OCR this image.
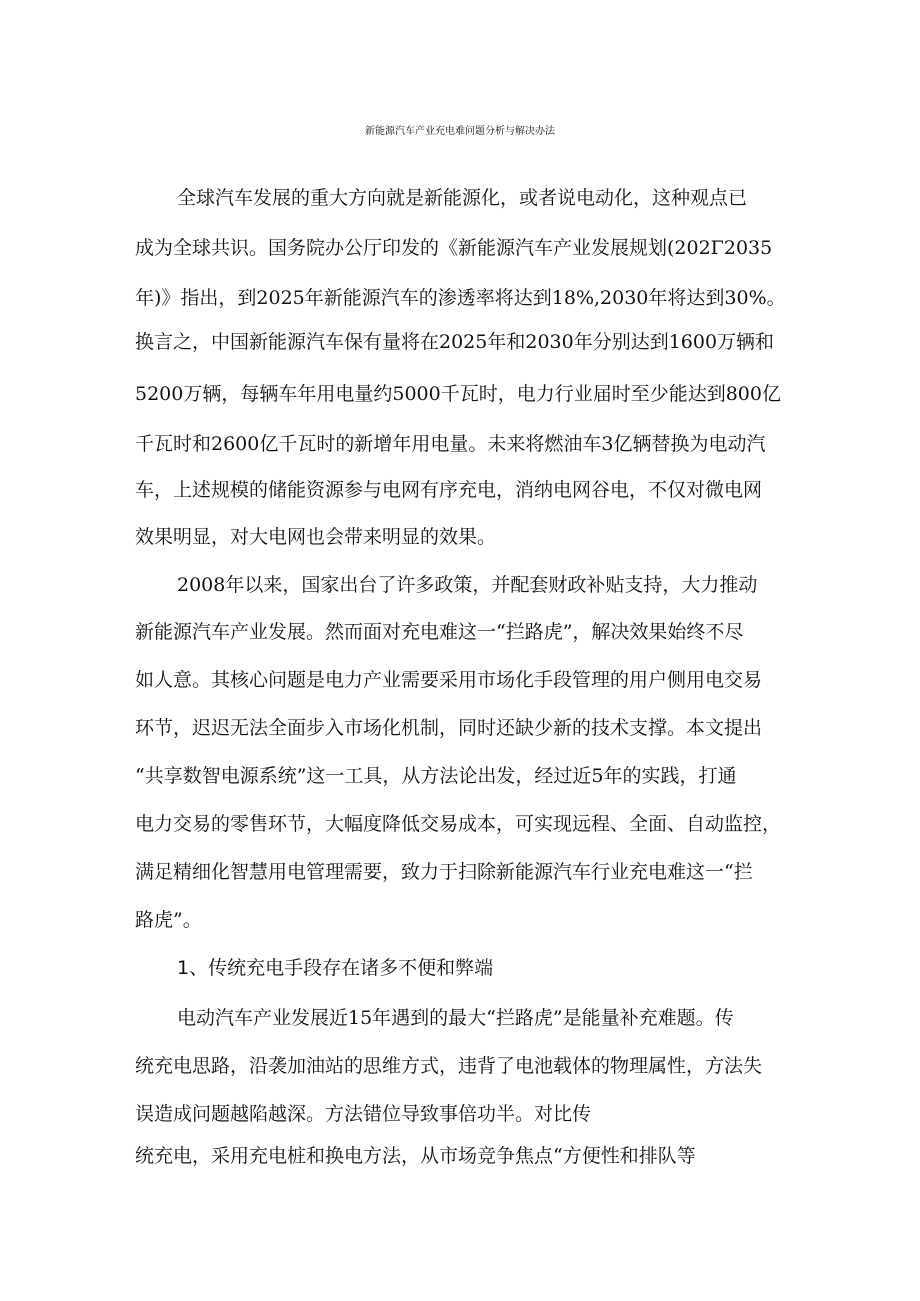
新能源汽车产业充电难问题分析与解决办法
全球汽车发展的重大方向就是新能源化，或者说电动化，这种观点已
成为全球共识。国务院办公厅印发的《新能源汽车产业发展规划(202Γ2035
年)》指出，到2025年新能源汽车的渗透率将达到18%,2030年将达到30%。
换言之，中国新能源汽车保有量将在2025年和2030年分别达到1600万辆和
5200万辆，每辆车年用电量约5000千瓦时，电力行业届时至少能达到800亿
千瓦时和2600亿千瓦时的新增年用电量。未来将燃油车3亿辆替换为电动汽
车，上述规模的储能资源参与电网有序充电，消纳电网谷电，不仅对微电网
效果明显，对大电网也会带来明显的效果。
2008年以来，国家出台了许多政策，并配套财政补贴支持，大力推动
新能源汽车产业发展。然而面对充电难这一“拦路虎”，解决效果始终不尽
如人意。其核心问题是电力产业需要采用市场化手段管理的用户侧用电交易
环节，迟迟无法全面步入市场化机制，同时还缺少新的技术支撑。本文提出
“共享数智电源系统”这一工具，从方法论出发，经过近5年的实践，打通
电力交易的零售环节，大幅度降低交易成本，可实现远程、全面、自动监控，
满足精细化智慧用电管理需要，致力于扫除新能源汽车行业充电难这一“拦
路虎”。
1、传统充电手段存在诸多不便和弊端
电动汽车产业发展近15年遇到的最大“拦路虎”是能量补充难题。传
统充电思路，沿袭加油站的思维方式，违背了电池载体的物理属性，方法失
误造成问题越陷越深。方法错位导致事倍功半。对比传
统充电，采用充电桩和换电方法，从市场竞争焦点“方便性和排队等
